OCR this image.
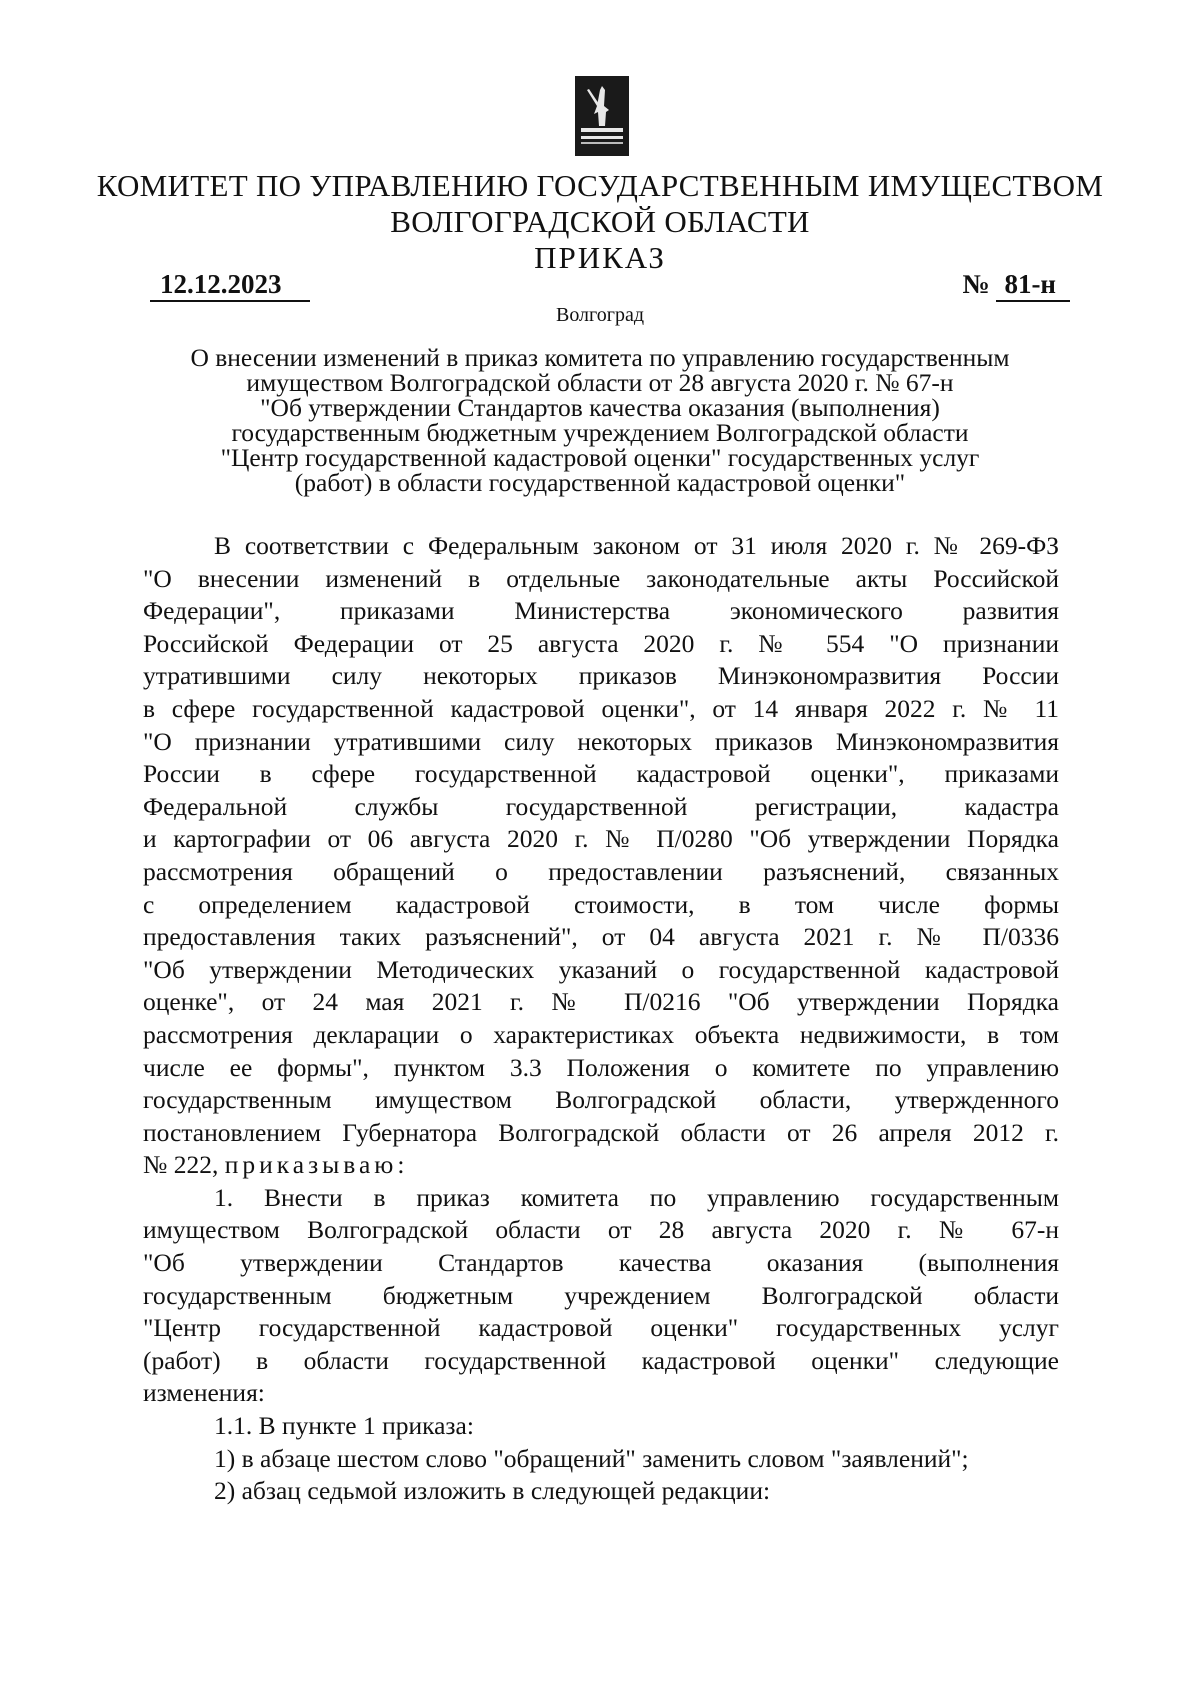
КОМИТЕТ ПО УПРАВЛЕНИЮ ГОСУДАРСТВЕННЫМ ИМУЩЕСТВОМ
ВОЛГОГРАДСКОЙ ОБЛАСТИ
ПРИКАЗ
12.12.2023	№ 81-н
Волгоград
О внесении изменений в приказ комитета по управлению государственным
имуществом Волгоградской области от 28 августа 2020 г. № 67-н
"Об утверждении Стандартов качества оказания (выполнения)
государственным бюджетным учреждением Волгоградской области
"Центр государственной кадастровой оценки" государственных услуг
(работ) в области государственной кадастровой оценки"
В соответствии с Федеральным законом от 31 июля 2020 г. № 269-ФЗ
"О внесении изменений в отдельные законодательные акты Российской
Федерации", приказами Министерства экономического развития
Российской Федерации от 25 августа 2020 г. № 554 "О признании
утратившими силу некоторых приказов Минэкономразвития России
в сфере государственной кадастровой оценки", от 14 января 2022 г. № 11
"О признании утратившими силу некоторых приказов Минэкономразвития
России в сфере государственной кадастровой оценки", приказами
Федеральной службы государственной регистрации, кадастра
и картографии от 06 августа 2020 г. № П/0280 "Об утверждении Порядка
рассмотрения обращений о предоставлении разъяснений, связанных
с определением кадастровой стоимости, в том числе формы
предоставления таких разъяснений", от 04 августа 2021 г. № П/0336
"Об утверждении Методических указаний о государственной кадастровой
оценке", от 24 мая 2021 г. № П/0216 "Об утверждении Порядка
рассмотрения декларации о характеристиках объекта недвижимости, в том
числе ее формы", пунктом 3.3 Положения о комитете по управлению
государственным имуществом Волгоградской области, утвержденного
постановлением Губернатора Волгоградской области от 26 апреля 2012 г.
№ 222, приказываю:
1. Внести в приказ комитета по управлению государственным
имуществом Волгоградской области от 28 августа 2020 г. № 67-н
"Об утверждении Стандартов качества оказания (выполнения
государственным бюджетным учреждением Волгоградской области
"Центр государственной кадастровой оценки" государственных услуг
(работ) в области государственной кадастровой оценки" следующие
изменения:
1.1. В пункте 1 приказа:
1) в абзаце шестом слово "обращений" заменить словом "заявлений";
2) абзац седьмой изложить в следующей редакции:
